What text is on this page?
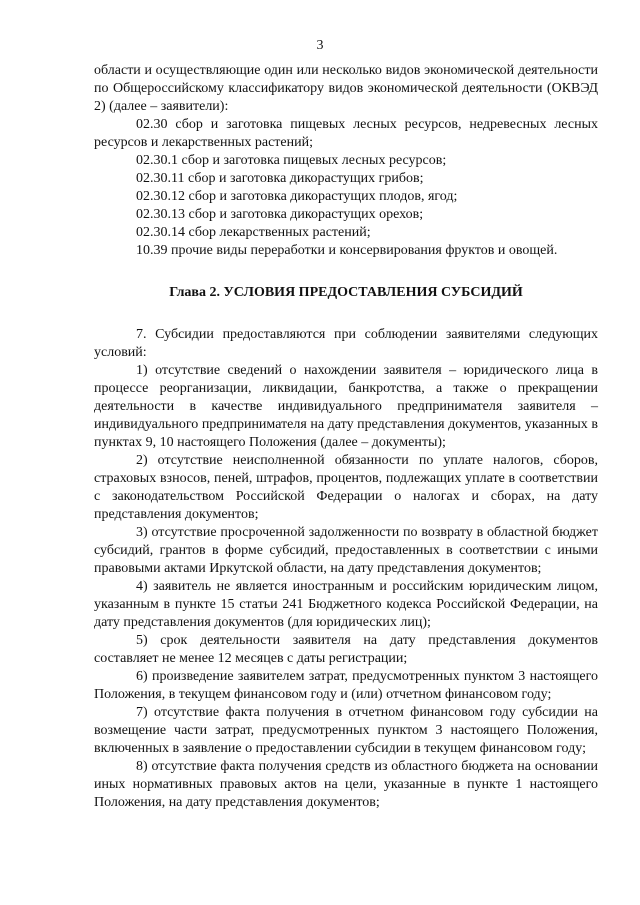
3

области и осуществляющие один или несколько видов экономической деятельности по Общероссийскому классификатору видов экономической деятельности (ОКВЭД 2) (далее – заявители):

02.30 сбор и заготовка пищевых лесных ресурсов, недревесных лесных ресурсов и лекарственных растений;

02.30.1 сбор и заготовка пищевых лесных ресурсов;

02.30.11 сбор и заготовка дикорастущих грибов;

02.30.12 сбор и заготовка дикорастущих плодов, ягод;

02.30.13 сбор и заготовка дикорастущих орехов;

02.30.14 сбор лекарственных растений;

10.39 прочие виды переработки и консервирования фруктов и овощей.

Глава 2. УСЛОВИЯ ПРЕДОСТАВЛЕНИЯ СУБСИДИЙ

7. Субсидии предоставляются при соблюдении заявителями следующих условий:

1) отсутствие сведений о нахождении заявителя – юридического лица в процессе реорганизации, ликвидации, банкротства, а также о прекращении деятельности в качестве индивидуального предпринимателя заявителя – индивидуального предпринимателя на дату представления документов, указанных в пунктах 9, 10 настоящего Положения (далее – документы);

2) отсутствие неисполненной обязанности по уплате налогов, сборов, страховых взносов, пеней, штрафов, процентов, подлежащих уплате в соответствии с законодательством Российской Федерации о налогах и сборах, на дату представления документов;

3) отсутствие просроченной задолженности по возврату в областной бюджет субсидий, грантов в форме субсидий, предоставленных в соответствии с иными правовыми актами Иркутской области, на дату представления документов;

4) заявитель не является иностранным и российским юридическим лицом, указанным в пункте 15 статьи 241 Бюджетного кодекса Российской Федерации, на дату представления документов (для юридических лиц);

5) срок деятельности заявителя на дату представления документов составляет не менее 12 месяцев с даты регистрации;

6) произведение заявителем затрат, предусмотренных пунктом 3 настоящего Положения, в текущем финансовом году и (или) отчетном финансовом году;

7) отсутствие факта получения в отчетном финансовом году субсидии на возмещение части затрат, предусмотренных пунктом 3 настоящего Положения, включенных в заявление о предоставлении субсидии в текущем финансовом году;

8) отсутствие факта получения средств из областного бюджета на основании иных нормативных правовых актов на цели, указанные в пункте 1 настоящего Положения, на дату представления документов;
